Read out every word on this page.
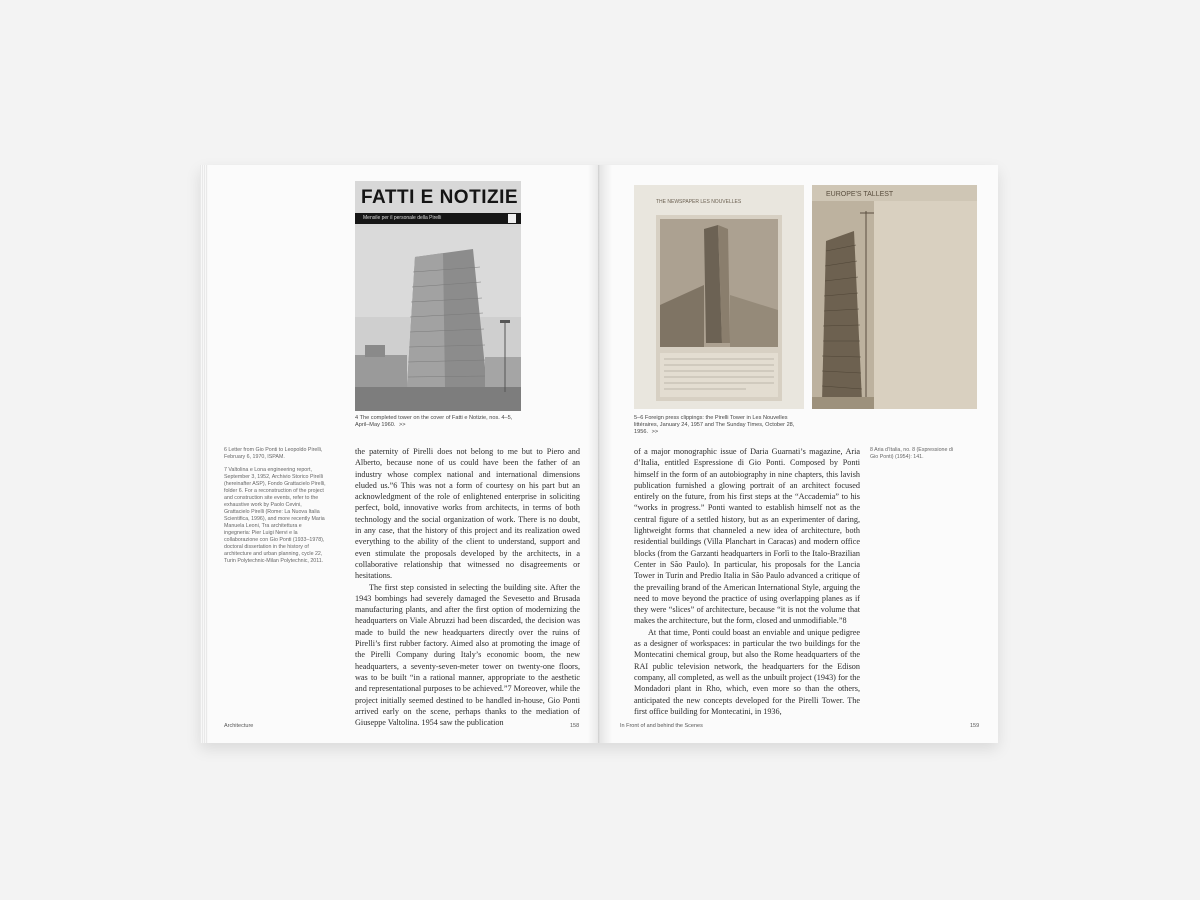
FATTI E NOTIZIE
Mensile per il personale della Pirelli
4 The completed tower on the cover of Fatti e Notizie, nos. 4–5, April–May 1960. >>

6 Letter from Gio Ponti to Leopoldo Pirelli, February 6, 1970, ISPAM.

7 Valtolina e Lona engineering report, September 3, 1952, Archivio Storico Pirelli (hereinafter ASP), Fondo Grattacielo Pirelli, folder 6. For a reconstruction of the project and construction site events, refer to the exhaustive work by Paolo Cevini, Grattacielo Pirelli (Rome: La Nuova Italia Scientifica, 1996), and more recently Maria Manuela Leoni, Tra architettura e ingegneria: Pier Luigi Nervi e la collaborazione con Gio Ponti (1933–1978), doctoral dissertation in the history of architecture and urban planning, cycle 22, Turin Polytechnic-Milan Polytechnic, 2011.

the paternity of Pirelli does not belong to me but to Piero and Alberto, because none of us could have been the father of an industry whose complex national and international dimensions eluded us.”6 This was not a form of courtesy on his part but an acknowledgment of the role of enlightened enterprise in soliciting perfect, bold, innovative works from architects, in terms of both technology and the social organization of work. There is no doubt, in any case, that the history of this project and its realization owed everything to the ability of the client to understand, support and even stimulate the proposals developed by the architects, in a collaborative relationship that witnessed no disagreements or hesitations.

The first step consisted in selecting the building site. After the 1943 bombings had severely damaged the Sevesetto and Brusada manufacturing plants, and after the first option of modernizing the headquarters on Viale Abruzzi had been discarded, the decision was made to build the new headquarters directly over the ruins of Pirelli’s first rubber factory. Aimed also at promoting the image of the Pirelli Company during Italy’s economic boom, the new headquarters, a seventy-seven-meter tower on twenty-one floors, was to be built “in a rational manner, appropriate to the aesthetic and representational purposes to be achieved.”7 Moreover, while the project initially seemed destined to be handled in-house, Gio Ponti arrived early on the scene, perhaps thanks to the mediation of Giuseppe Valtolina. 1954 saw the publication

Architecture	158
THE NEWSPAPER LES NOUVELLES
EUROPE'S TALLEST
5–6 Foreign press clippings: the Pirelli Tower in Les Nouvelles littéraires, January 24, 1957 and The Sunday Times, October 28, 1956. >>

of a major monographic issue of Daria Guarnati’s magazine, Aria d’Italia, entitled Espressione di Gio Ponti. Composed by Ponti himself in the form of an autobiography in nine chapters, this lavish publication furnished a glowing portrait of an architect focused entirely on the future, from his first steps at the “Accademia” to his “works in progress.” Ponti wanted to establish himself not as the central figure of a settled history, but as an experimenter of daring, lightweight forms that channeled a new idea of architecture, both residential buildings (Villa Planchart in Caracas) and modern office blocks (from the Garzanti headquarters in Forlì to the Italo-Brazilian Center in São Paulo). In particular, his proposals for the Lancia Tower in Turin and Predio Italia in São Paulo advanced a critique of the prevailing brand of the American International Style, arguing the need to move beyond the practice of using overlapping planes as if they were “slices” of architecture, because “it is not the volume that makes the architecture, but the form, closed and unmodifiable.”8

At that time, Ponti could boast an enviable and unique pedigree as a designer of workspaces: in particular the two buildings for the Montecatini chemical group, but also the Rome headquarters of the RAI public television network, the headquarters for the Edison company, all completed, as well as the unbuilt project (1943) for the Mondadori plant in Rho, which, even more so than the others, anticipated the new concepts developed for the Pirelli Tower. The first office building for Montecatini, in 1936,

8 Aria d’Italia, no. 8 (Espressione di Gio Ponti) (1954): 141.

In Front of and behind the Scenes	159
